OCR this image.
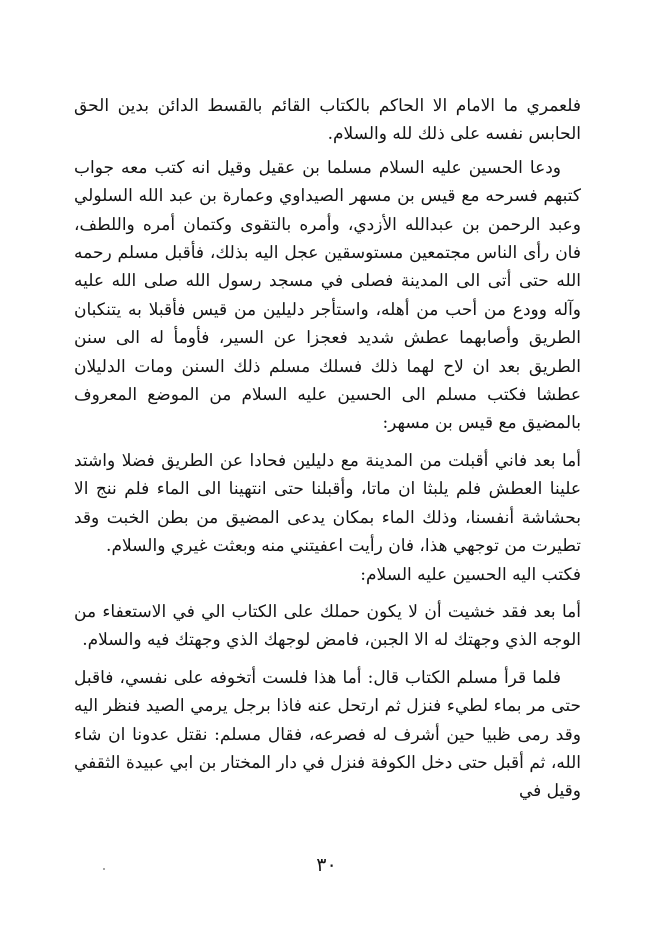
فلعمري ما الامام الا الحاكم بالكتاب القائم بالقسط الدائن بدين الحق الحابس نفسه على ذلك لله والسلام.

ودعا الحسين عليه السلام مسلما بن عقيل وقيل انه كتب معه جواب كتبهم فسرحه مع قيس بن مسهر الصيداوي وعمارة بن عبد الله السلولي وعبد الرحمن بن عبدالله الأزدي، وأمره بالتقوى وكتمان أمره واللطف، فان رأى الناس مجتمعين مستوسقين عجل اليه بذلك، فأقبل مسلم رحمه الله حتى أتى الى المدينة فصلى في مسجد رسول الله صلى الله عليه وآله وودع من أحب من أهله، واستأجر دليلين من قيس فأقبلا به يتنكبان الطريق وأصابهما عطش شديد فعجزا عن السير، فأومأ له الى سنن الطريق بعد ان لاح لهما ذلك فسلك مسلم ذلك السنن ومات الدليلان عطشا فكتب مسلم الى الحسين عليه السلام من الموضع المعروف بالمضيق مع قيس بن مسهر:

أما بعد فاني أقبلت من المدينة مع دليلين فحادا عن الطريق فضلا واشتد علينا العطش فلم يلبثا ان ماتا، وأقبلنا حتى انتهينا الى الماء فلم ننج الا بحشاشة أنفسنا، وذلك الماء بمكان يدعى المضيق من بطن الخبت وقد تطيرت من توجهي هذا، فان رأيت اعفيتني منه وبعثت غيري والسلام.

فكتب اليه الحسين عليه السلام:

أما بعد فقد خشيت أن لا يكون حملك على الكتاب الي في الاستعفاء من الوجه الذي وجهتك له الا الجبن، فامض لوجهك الذي وجهتك فيه والسلام.

فلما قرأ مسلم الكتاب قال: أما هذا فلست أتخوفه على نفسي، فاقبل حتى مر بماء لطيء فنزل ثم ارتحل عنه فاذا برجل يرمي الصيد فنظر اليه وقد رمى ظبيا حين أشرف له فصرعه، فقال مسلم: نقتل عدونا ان شاء الله، ثم أقبل حتى دخل الكوفة فنزل في دار المختار بن ابي عبيدة الثقفي وقيل في

٣٠
